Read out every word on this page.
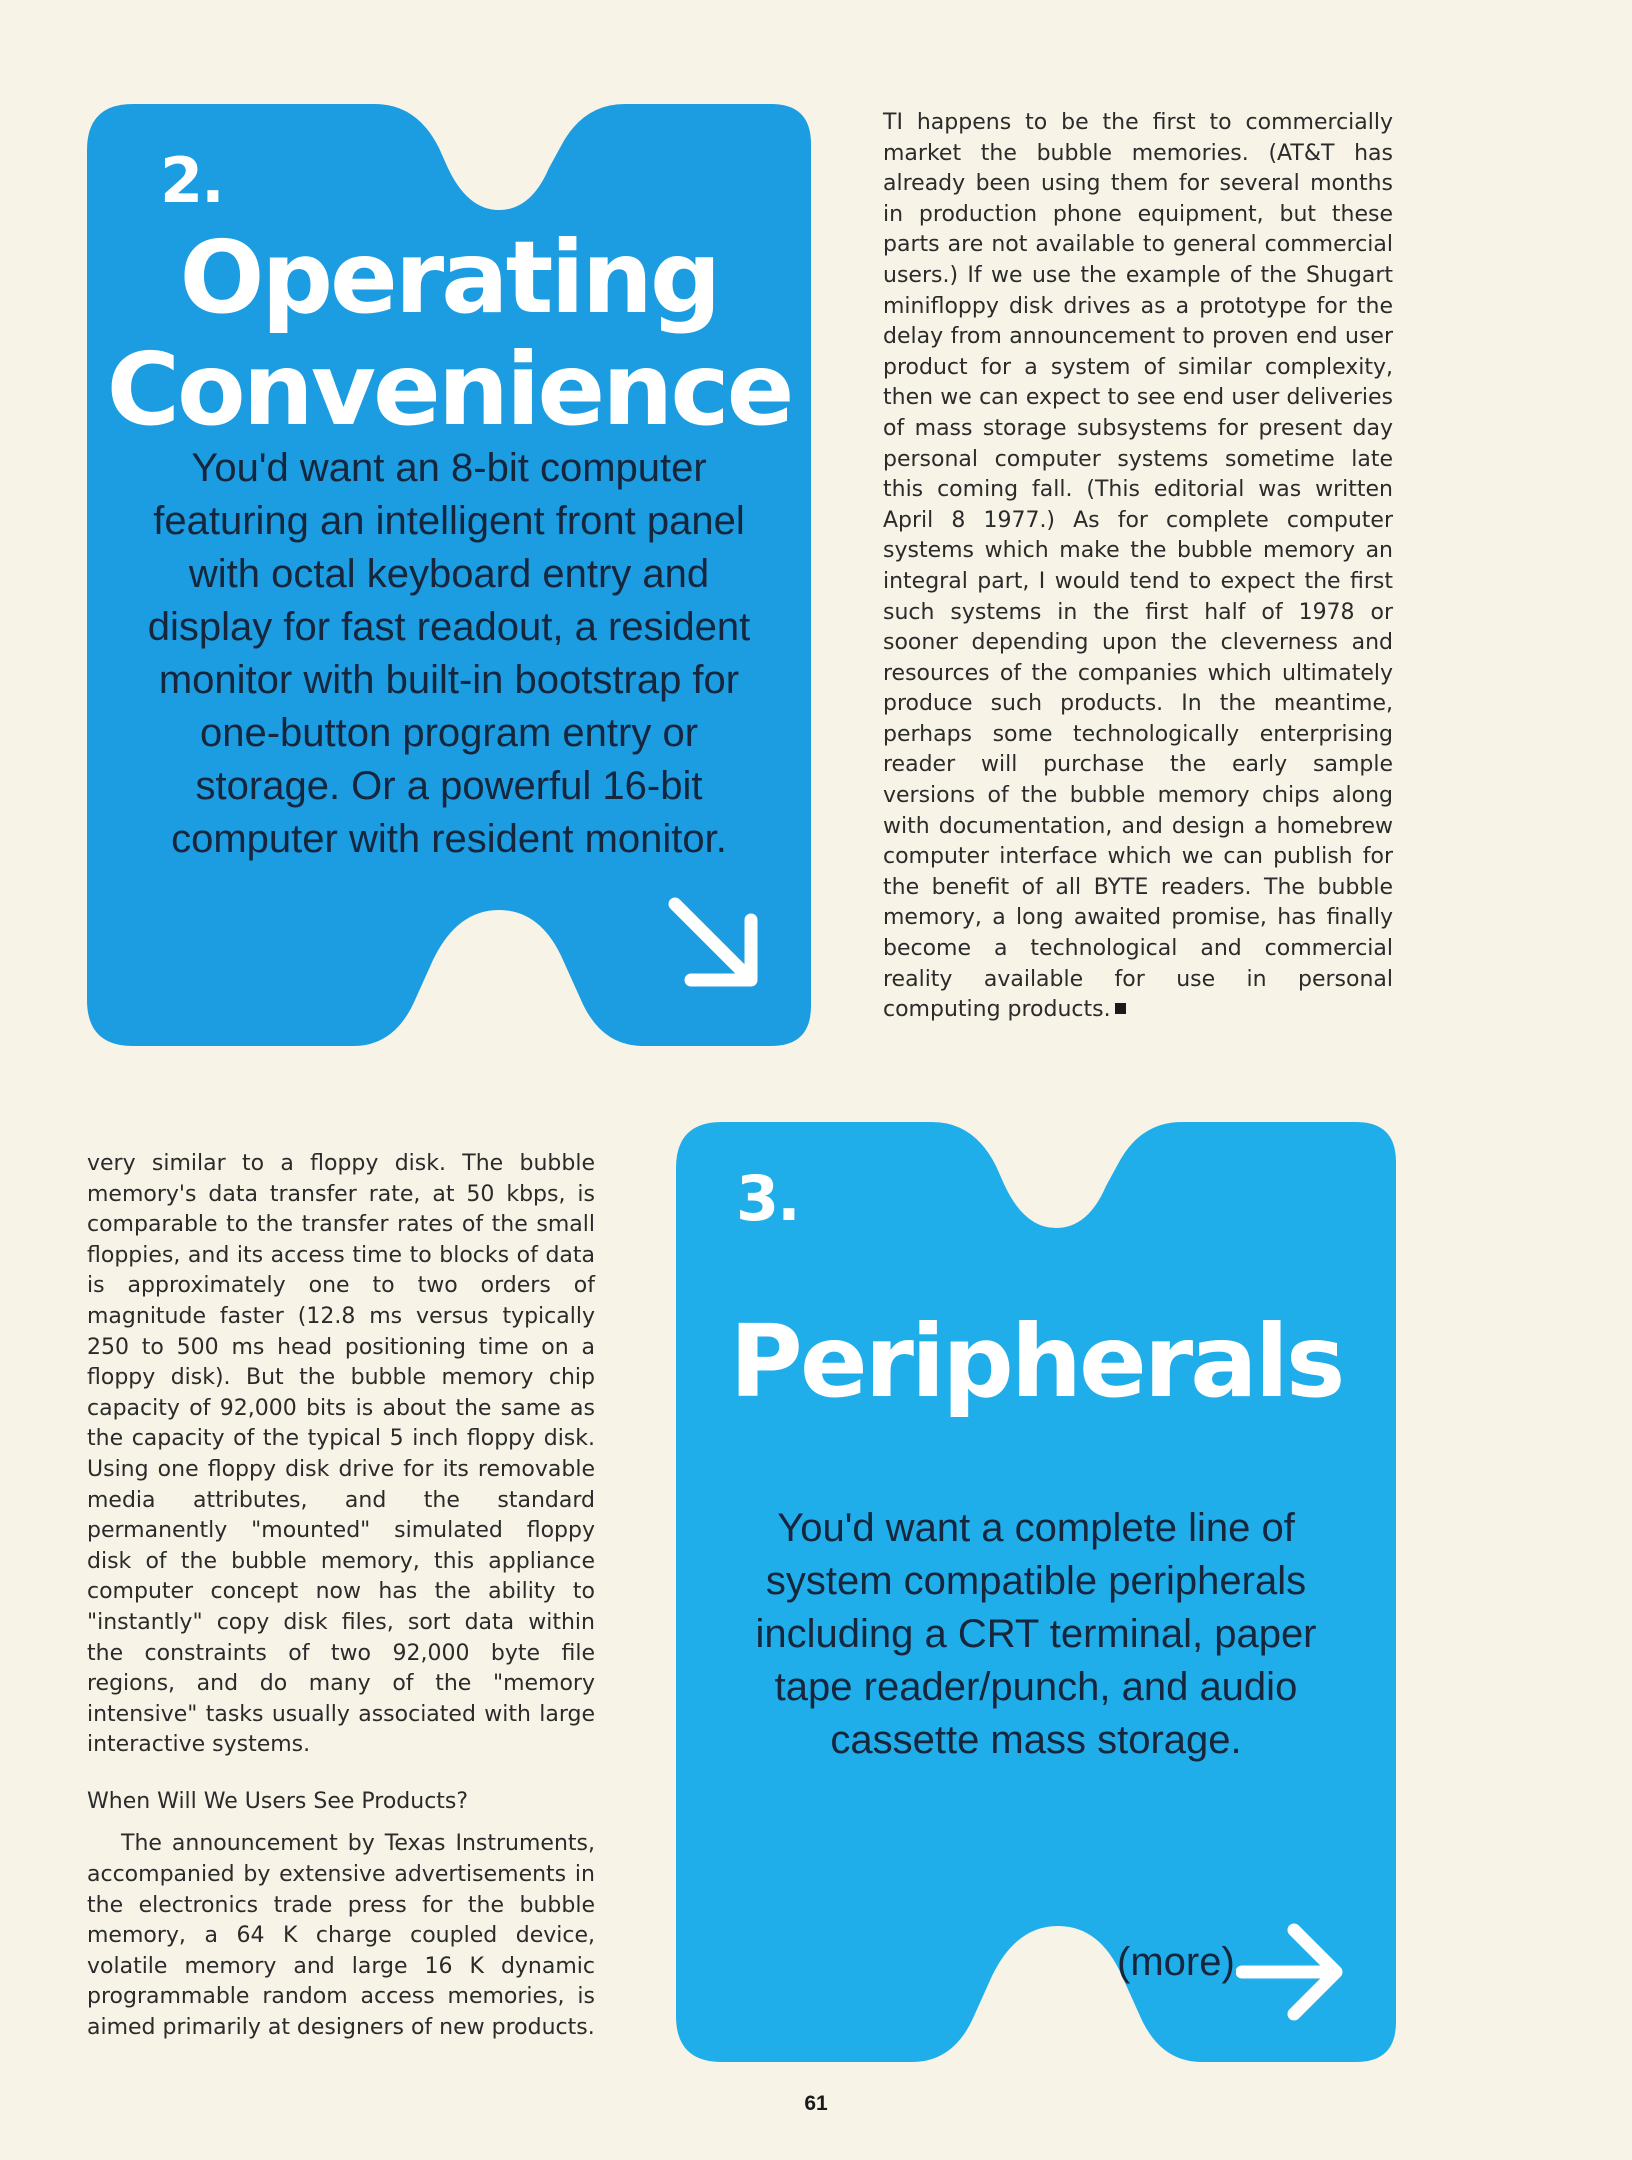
2.
Operating
Convenience
You'd want an 8-bit computer featuring an intelligent front panel with octal keyboard entry and display for fast readout, a resident monitor with built-in bootstrap for one-button program entry or storage. Or a powerful 16-bit computer with resident monitor.

TI happens to be the first to commercially market the bubble memories. (AT&T has already been using them for several months in production phone equipment, but these parts are not available to general commercial users.) If we use the example of the Shugart minifloppy disk drives as a prototype for the delay from announcement to proven end user product for a system of similar complexity, then we can expect to see end user deliveries of mass storage subsystems for present day personal computer systems sometime late this coming fall. (This editorial was written April 8 1977.) As for complete computer systems which make the bubble memory an integral part, I would tend to expect the first such systems in the first half of 1978 or sooner depending upon the cleverness and resources of the companies which ultimately produce such products. In the meantime, perhaps some technologically enterprising reader will purchase the early sample versions of the bubble memory chips along with documentation, and design a homebrew computer interface which we can publish for the benefit of all BYTE readers. The bubble memory, a long awaited promise, has finally become a technological and commercial reality available for use in personal computing products.

very similar to a floppy disk. The bubble memory's data transfer rate, at 50 kbps, is comparable to the transfer rates of the small floppies, and its access time to blocks of data is approximately one to two orders of magnitude faster (12.8 ms versus typically 250 to 500 ms head positioning time on a floppy disk). But the bubble memory chip capacity of 92,000 bits is about the same as the capacity of the typical 5 inch floppy disk. Using one floppy disk drive for its removable media attributes, and the standard permanently "mounted" simulated floppy disk of the bubble memory, this appliance computer concept now has the ability to "instantly" copy disk files, sort data within the constraints of two 92,000 byte file regions, and do many of the "memory intensive" tasks usually associated with large interactive systems.

When Will We Users See Products?

The announcement by Texas Instruments, accompanied by extensive advertisements in the electronics trade press for the bubble memory, a 64 K charge coupled device, volatile memory and large 16 K dynamic programmable random access memories, is aimed primarily at designers of new products.

3.
Peripherals
You'd want a complete line of system compatible peripherals including a CRT terminal, paper tape reader/punch, and audio cassette mass storage.
(more)
61
